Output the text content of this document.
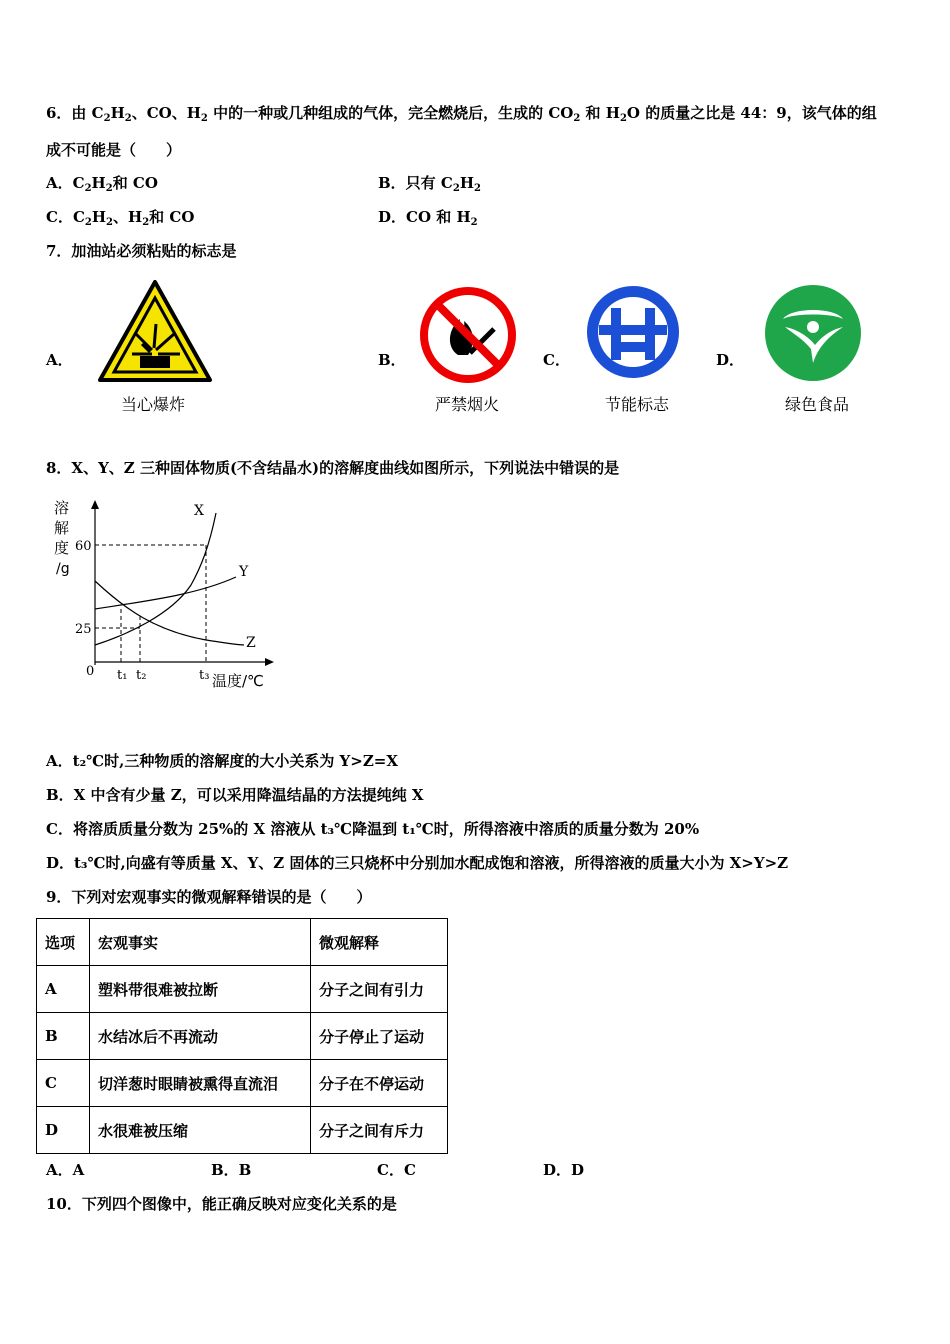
6．由 $C_2H_2$、CO、$H_2$ 中的一种或几种组成的气体，完全燃烧后，生成的 $CO_2$ 和 $H_2O$ 的质量之比是 44：9，该气体的组
成不可能是（　　）
A．$C_2H_2$和 CO	B．只有 $C_2H_2$
C．$C_2H_2$、$H_2$和 CO	D．CO 和 $H_2$
7．加油站必须粘贴的标志是
A．
当心爆炸
B．
严禁烟火
C．
节能标志
D．
绿色食品
8．X、Y、Z 三种固体物质(不含结晶水)的溶解度曲线如图所示，下列说法中错误的是
溶
解
度
/g
60
25
0
X
Y
Z
t₁ t₂	t₃ 温度/℃
A．t₂℃时,三种物质的溶解度的大小关系为 Y>Z=X
B．X 中含有少量 Z，可以采用降温结晶的方法提纯纯 X
C．将溶质质量分数为 25%的 X 溶液从 t₃℃降温到 t₁℃时，所得溶液中溶质的质量分数为 20%
D．t₃℃时,向盛有等质量 X、Y、Z 固体的三只烧杯中分别加水配成饱和溶液，所得溶液的质量大小为 X>Y>Z
9．下列对宏观事实的微观解释错误的是（　　）
选项	宏观事实	微观解释
A	塑料带很难被拉断	分子之间有引力
B	水结冰后不再流动	分子停止了运动
C	切洋葱时眼睛被熏得直流泪	分子在不停运动
D	水很难被压缩	分子之间有斥力
A．A	B．B	C．C	D．D
10．下列四个图像中，能正确反映对应变化关系的是
